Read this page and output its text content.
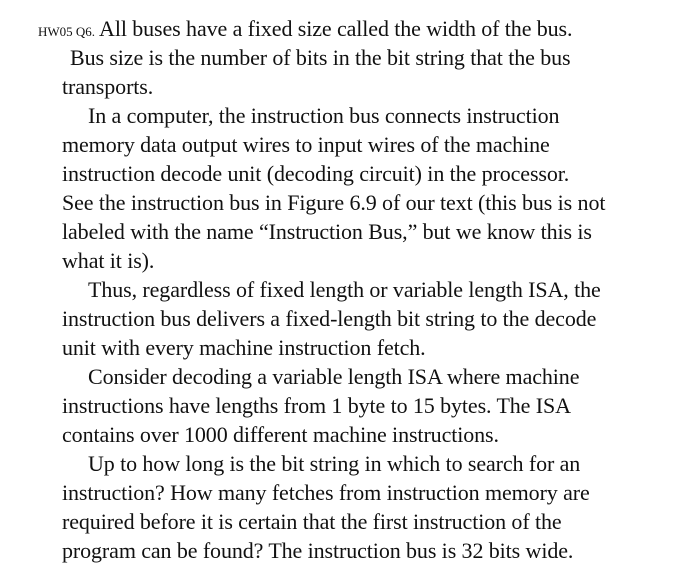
HW05 Q6. All buses have a fixed size called the width of the bus.
Bus size is the number of bits in the bit string that the bus
transports.
In a computer, the instruction bus connects instruction
memory data output wires to input wires of the machine
instruction decode unit (decoding circuit) in the processor.
See the instruction bus in Figure 6.9 of our text (this bus is not
labeled with the name “Instruction Bus,” but we know this is
what it is).
Thus, regardless of fixed length or variable length ISA, the
instruction bus delivers a fixed-length bit string to the decode
unit with every machine instruction fetch.
Consider decoding a variable length ISA where machine
instructions have lengths from 1 byte to 15 bytes. The ISA
contains over 1000 different machine instructions.
Up to how long is the bit string in which to search for an
instruction? How many fetches from instruction memory are
required before it is certain that the first instruction of the
program can be found? The instruction bus is 32 bits wide.
